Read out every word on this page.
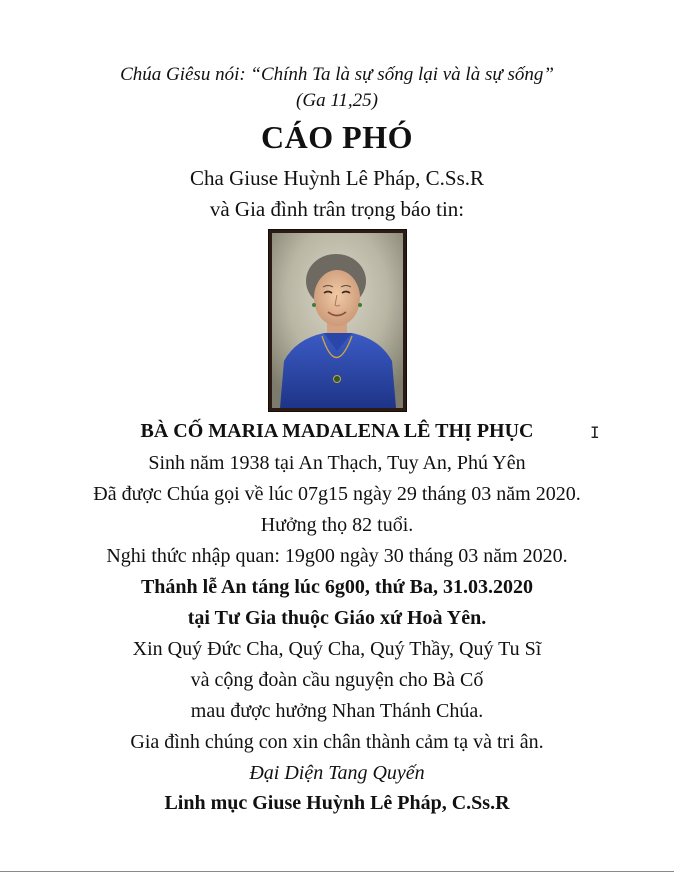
Chúa Giêsu nói: “Chính Ta là sự sống lại và là sự sống”
(Ga 11,25)
CÁO PHÓ
Cha Giuse Huỳnh Lê Pháp, C.Ss.R
và Gia đình trân trọng báo tin:
BÀ CỐ MARIA MADALENA LÊ THỊ PHỤC
Sinh năm 1938 tại An Thạch, Tuy An, Phú Yên
Đã được Chúa gọi về lúc 07g15 ngày 29 tháng 03 năm 2020.
Hưởng thọ 82 tuổi.
Nghi thức nhập quan: 19g00 ngày 30 tháng 03 năm 2020.
Thánh lễ An táng lúc 6g00, thứ Ba, 31.03.2020
tại Tư Gia thuộc Giáo xứ Hoà Yên.
Xin Quý Đức Cha, Quý Cha, Quý Thầy, Quý Tu Sĩ
và cộng đoàn cầu nguyện cho Bà Cố
mau được hưởng Nhan Thánh Chúa.
Gia đình chúng con xin chân thành cảm tạ và tri ân.
Đại Diện Tang Quyến
Linh mục Giuse Huỳnh Lê Pháp, C.Ss.R
I
